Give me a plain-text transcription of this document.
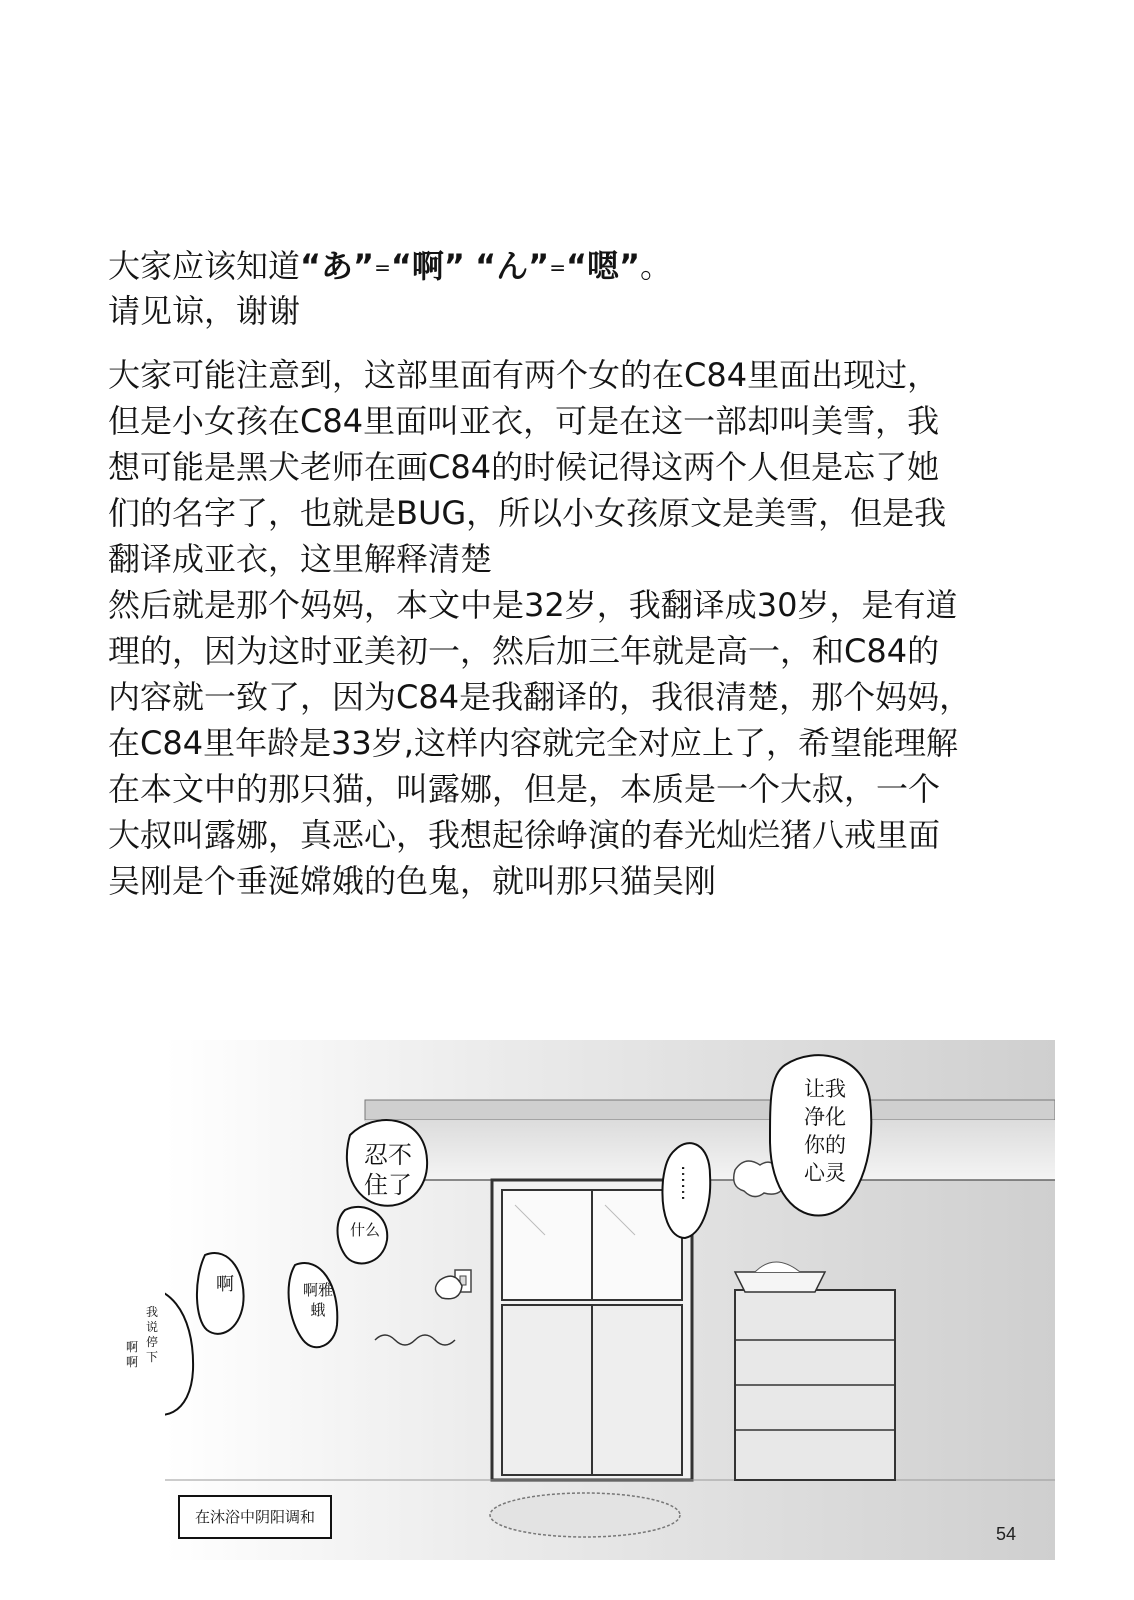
大家应该知道“あ”=“啊” “ん”=“嗯”。
请见谅，谢谢
大家可能注意到，这部里面有两个女的在C84里面出现过，
但是小女孩在C84里面叫亚衣，可是在这一部却叫美雪，我
想可能是黑犬老师在画C84的时候记得这两个人但是忘了她
们的名字了，也就是BUG，所以小女孩原文是美雪，但是我
翻译成亚衣，这里解释清楚
然后就是那个妈妈，本文中是32岁，我翻译成30岁，是有道
理的，因为这时亚美初一，然后加三年就是高一，和C84的
内容就一致了，因为C84是我翻译的，我很清楚，那个妈妈，
在C84里年龄是33岁,这样内容就完全对应上了，希望能理解
在本文中的那只猫，叫露娜，但是，本质是一个大叔，一个
大叔叫露娜，真恶心，我想起徐峥演的春光灿烂猪八戒里面
吴刚是个垂涎嫦娥的色鬼，就叫那只猫吴刚
让我净化你的心灵
忍不住了
什么
……
啊	啊雅蛾
我说停下
啊啊
在沐浴中阴阳调和
54
